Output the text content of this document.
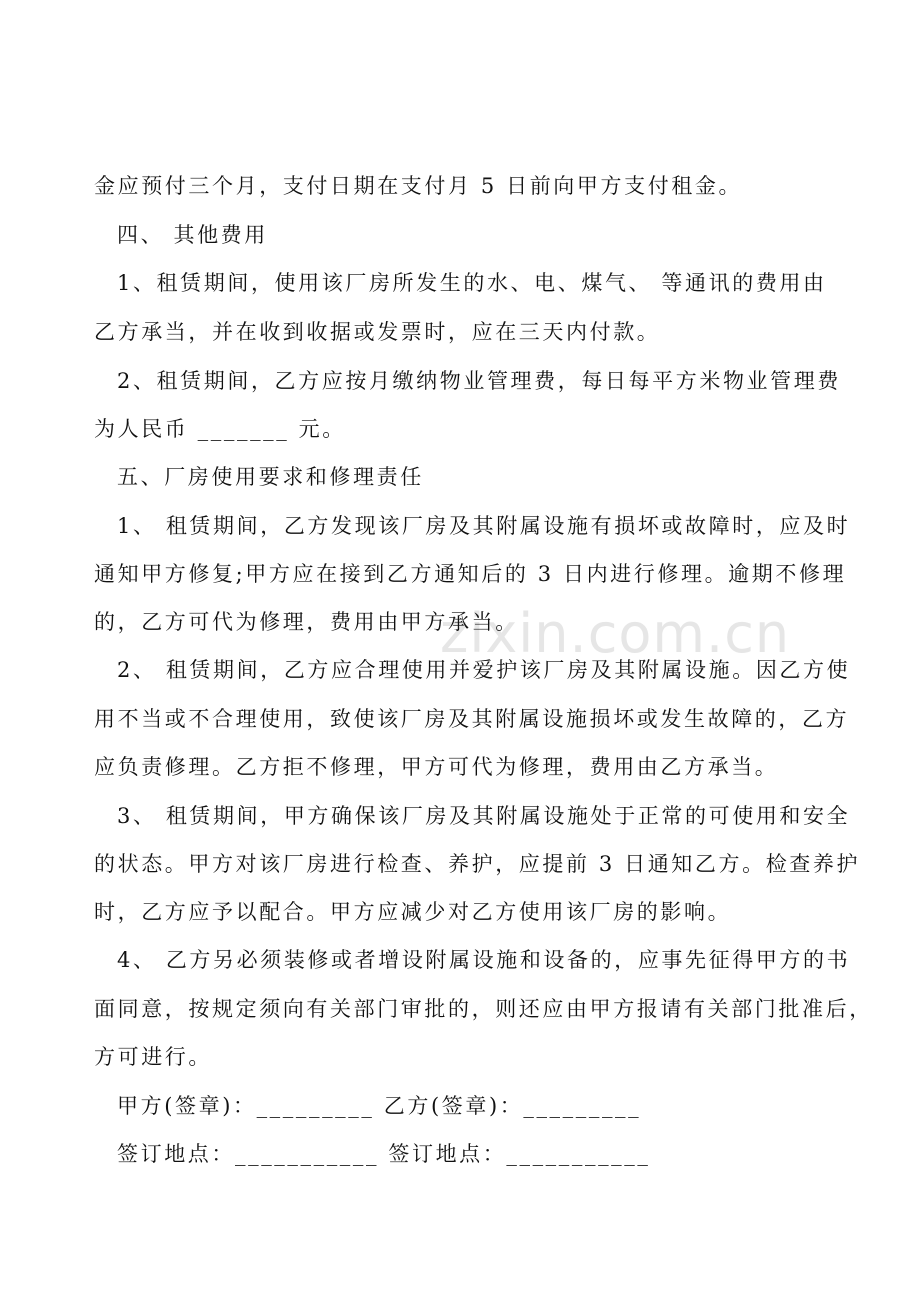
zixin.com.cn
金应预付三个月，支付日期在支付月 5 日前向甲方支付租金。
四、 其他费用
1、租赁期间，使用该厂房所发生的水、电、煤气、 等通讯的费用由
乙方承当，并在收到收据或发票时，应在三天内付款。
2、租赁期间，乙方应按月缴纳物业管理费，每日每平方米物业管理费
为人民币 _______ 元。
五、厂房使用要求和修理责任
1、 租赁期间，乙方发现该厂房及其附属设施有损坏或故障时，应及时
通知甲方修复;甲方应在接到乙方通知后的 3 日内进行修理。逾期不修理
的，乙方可代为修理，费用由甲方承当。
2、 租赁期间，乙方应合理使用并爱护该厂房及其附属设施。因乙方使
用不当或不合理使用，致使该厂房及其附属设施损坏或发生故障的，乙方
应负责修理。乙方拒不修理，甲方可代为修理，费用由乙方承当。
3、 租赁期间，甲方确保该厂房及其附属设施处于正常的可使用和安全
的状态。甲方对该厂房进行检查、养护，应提前 3 日通知乙方。检查养护
时，乙方应予以配合。甲方应减少对乙方使用该厂房的影响。
4、 乙方另必须装修或者增设附属设施和设备的，应事先征得甲方的书
面同意，按规定须向有关部门审批的，则还应由甲方报请有关部门批准后，
方可进行。
甲方(签章)：_________ 乙方(签章)：_________
签订地点：___________ 签订地点：___________
